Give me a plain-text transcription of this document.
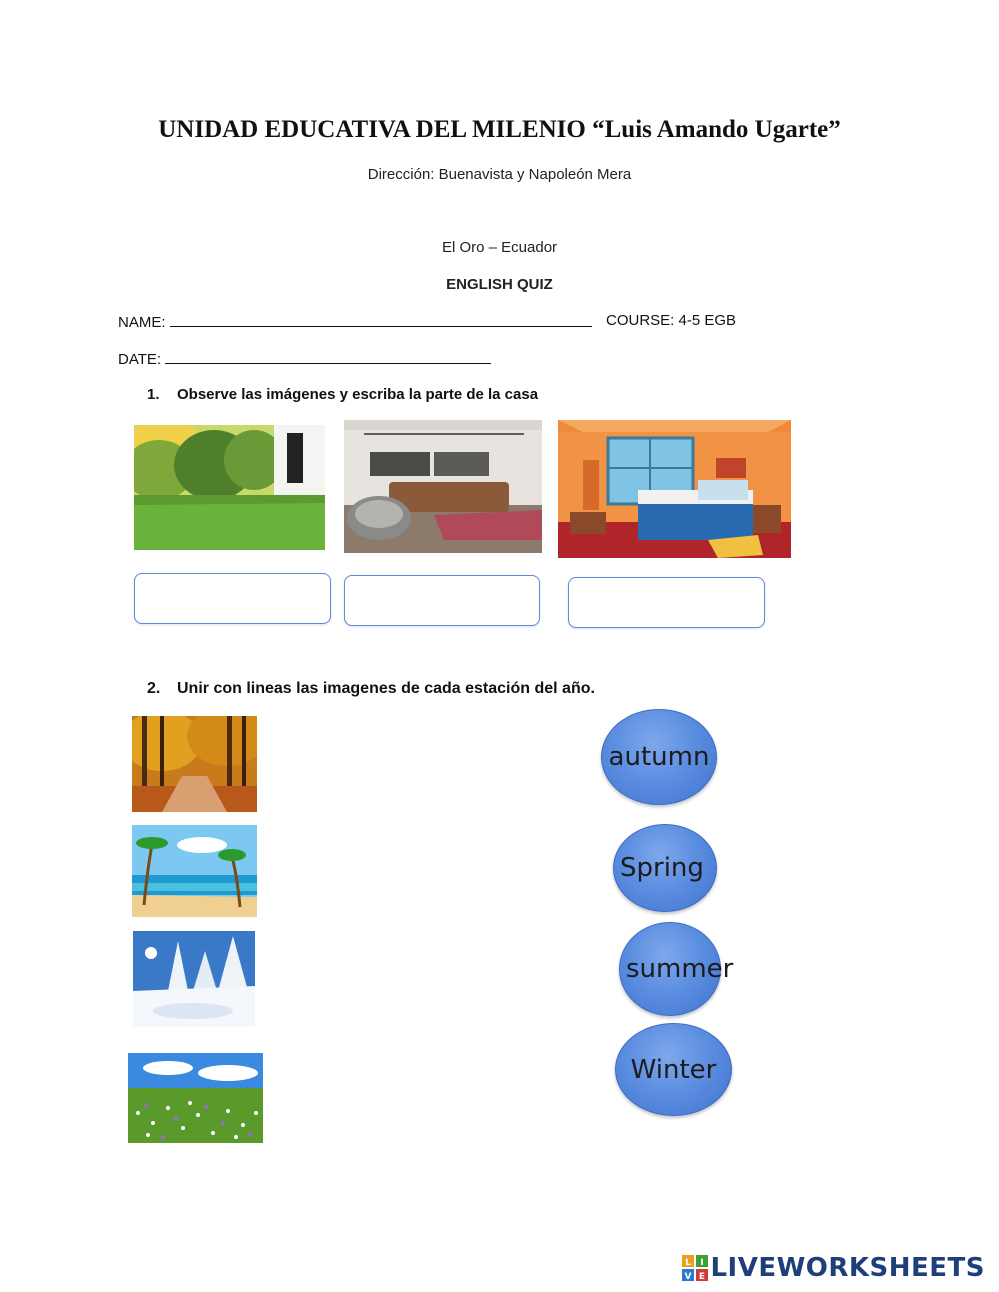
UNIDAD EDUCATIVA DEL MILENIO “Luis Amando Ugarte”
Dirección: Buenavista y Napoleón Mera
El Oro – Ecuador
ENGLISH QUIZ
NAME:	COURSE: 4-5 EGB
DATE:
1. Observe las imágenes y escriba la parte de la casa
2. Unir con lineas las imagenes de cada estación del año.
autumn
Spring
summer
Winter
L I
V E LIVEWORKSHEETS
